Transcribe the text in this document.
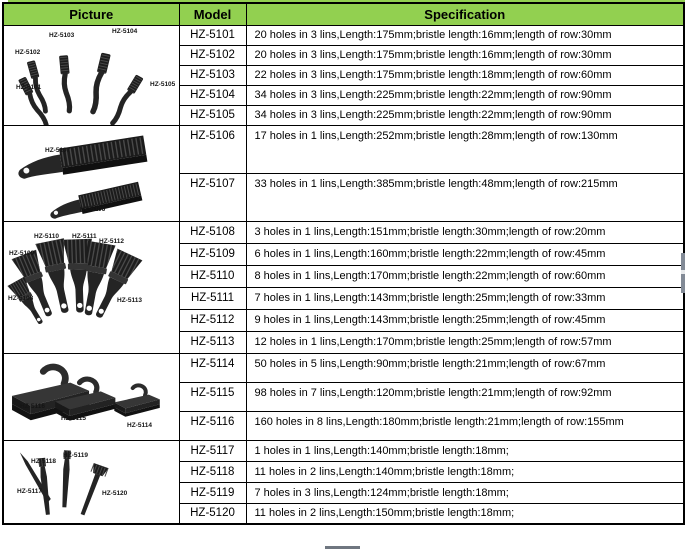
Picture	Model	Specification

HZ-5103
HZ-5104
HZ-5102
HZ-5101 HZ-5105	HZ-5101	20 holes in 3 lins,Length:175mm;bristle length:16mm;length of row:30mm
	HZ-5102	20 holes in 3 lins,Length:175mm;bristle length:16mm;length of row:30mm
	HZ-5103	22 holes in 3 lins,Length:175mm;bristle length:18mm;length of row:60mm
	HZ-5104	34 holes in 3 lins,Length:225mm;bristle length:22mm;length of row:90mm
	HZ-5105	34 holes in 3 lins,Length:225mm;bristle length:22mm;length of row:90mm

HZ-5107
HZ-5106	HZ-5106	17 holes in 1 lins,Length:252mm;bristle length:28mm;length of row:130mm
	HZ-5107	33 holes in 1 lins,Length:385mm;bristle length:48mm;length of row:215mm

HZ-5110 HZ-5111
HZ-5112
HZ-5109
HZ-5108	HZ-5113
	HZ-5108	3 holes in 1 lins,Length:151mm;bristle length:30mm;length of row:20mm
	HZ-5109	6 holes in 1 lins,Length:160mm;bristle length:22mm;length of row:45mm
	HZ-5110	8 holes in 1 lins,Length:170mm;bristle length:22mm;length of row:60mm
	HZ-5111	7 holes in 1 lins,Length:143mm;bristle length:25mm;length of row:33mm
	HZ-5112	9 holes in 1 lins,Length:143mm;bristle length:25mm;length of row:45mm
	HZ-5113	12 holes in 1 lins,Length:170mm;bristle length:25mm;length of row:57mm

HZ-5116
HZ-5115
HZ-5114	HZ-5114	50 holes in 5 lins,Length:90mm;bristle length:21mm;length of row:67mm
	HZ-5115	98 holes in 7 lins,Length:120mm;bristle length:21mm;length of row:92mm
	HZ-5116	160 holes in 8 lins,Length:180mm;bristle length:21mm;length of row:155mm

HZ-5118
HZ-5119
HZ-5117 HZ-5120	HZ-5117	1 holes in 1 lins,Length:140mm;bristle length:18mm;
	HZ-5118	11 holes in 2 lins,Length:140mm;bristle length:18mm;
	HZ-5119	7 holes in 3 lins,Length:124mm;bristle length:18mm;
	HZ-5120	11 holes in 2 lins,Length:150mm;bristle length:18mm;
